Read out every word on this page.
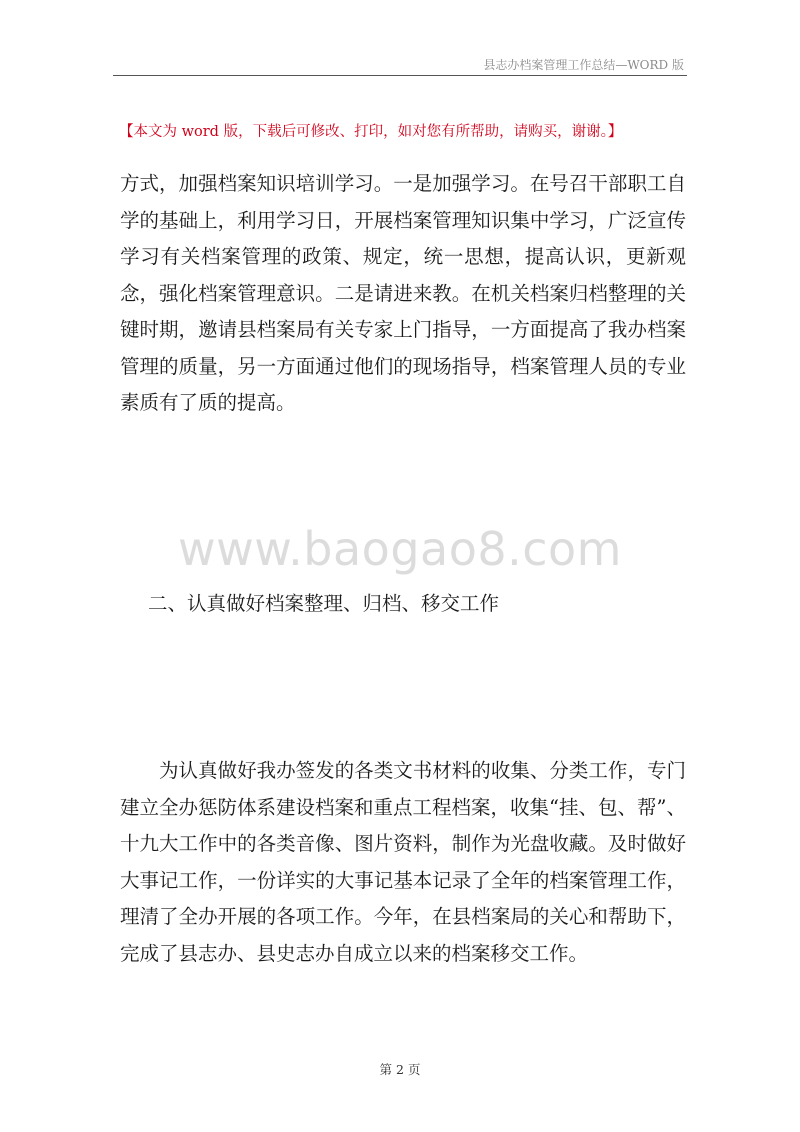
县志办档案管理工作总结—WORD 版
【本文为 word 版，下载后可修改、打印，如对您有所帮助，请购买，谢谢。】

方式，加强档案知识培训学习。一是加强学习。在号召干部职工自学的基础上，利用学习日，开展档案管理知识集中学习，广泛宣传学习有关档案管理的政策、规定，统一思想，提高认识，更新观念，强化档案管理意识。二是请进来教。在机关档案归档整理的关键时期，邀请县档案局有关专家上门指导，一方面提高了我办档案管理的质量，另一方面通过他们的现场指导，档案管理人员的专业素质有了质的提高。

www.baogao8.com

二、认真做好档案整理、归档、移交工作

为认真做好我办签发的各类文书材料的收集、分类工作，专门建立全办惩防体系建设档案和重点工程档案，收集“挂、包、帮”、十九大工作中的各类音像、图片资料，制作为光盘收藏。及时做好大事记工作，一份详实的大事记基本记录了全年的档案管理工作，理清了全办开展的各项工作。今年，在县档案局的关心和帮助下，完成了县志办、县史志办自成立以来的档案移交工作。

第 2 页
